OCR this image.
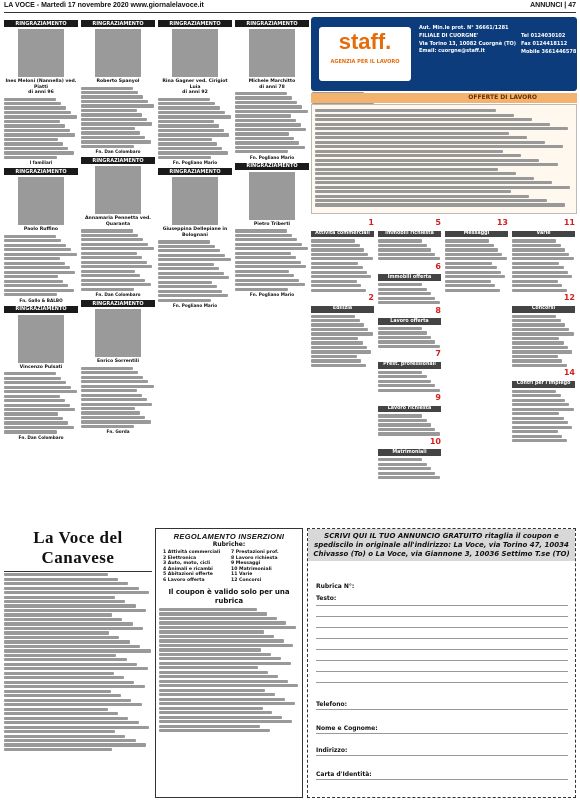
LA VOCE - Martedì 17 novembre 2020 www.giornalelavoce.it	ANNUNCI | 47
RINGRAZIAMENTO
Ines Meloni (Nannella) ved. Piatti
di anni 96
I familiari
RINGRAZIAMENTO
Paolo Ruffino
Fn. Gallo & BALBO
RINGRAZIAMENTO
Vincenzo Pulsati
Fn. Dan Colombaro
RINGRAZIAMENTO
Roberto Spanyol
Fn. Dan Colombaro
RINGRAZIAMENTO
Annamaria Pennetta ved. Quaranta
Fn. Dan Colombaro
RINGRAZIAMENTO
Enrico Sorrentili
Fn. Gorda
RINGRAZIAMENTO
Rina Gagner ved. Cirigiot Luia
di anni 92
Fn. Pogliano Mario
RINGRAZIAMENTO
Giuseppina Dellepiane in Bolognani
Fn. Pogliano Mario
RINGRAZIAMENTO
Michele Marchitto
di anni 78
Fn. Pogliano Mario
RINGRAZIAMENTO
Pietro Triberti
Fn. Pogliano Mario
staff.
AGENZIA PER IL LAVORO
Aut. Min.le prot. N° 36661/1281
FILIALE DI CUORGNE'
Via Torino 13, 10082 Cuorgnè (TO)
Email: cuorgne@staff.it
Tel 0124030102
Fax 0124418112
Mobile 3661446578
OFFERTE DI LAVORO
1
Attività commerciali
2
Edilizia
5
Immobili richiesta
6
Immobili offerta
8
Lavoro offerta
7
Prest. professionali
9
Lavoro richiesta
10
Matrimoniali
13
Messaggi
11
Varie
12
Concorsi
14
Contri per l'impiego
La Voce del Canavese
REGOLAMENTO INSERZIONI
Rubriche:
1 Attività commerciali
2 Elettronica
3 Auto, moto, cicli
4 Animali e ricambi
5 Abitazioni offerte
6 Lavoro offerta
7 Prestazioni prof.
8 Lavoro richiesta
9 Messaggi
10 Matrimoniali
11 Varie
12 Concorsi
Il coupon è valido solo per una rubrica
SCRIVI QUI IL TUO ANNUNCIO GRATUITO ritaglia il coupon e spediscilo in originale all'indirizzo: La Voce, via Torino 47, 10034 Chivasso (To) o La Voce, via Giannone 3, 10036 Settimo T.se (TO)
Rubrica N°:
Testo:
Telefono:
Nome e Cognome:
Indirizzo:
Carta d'Identità:
